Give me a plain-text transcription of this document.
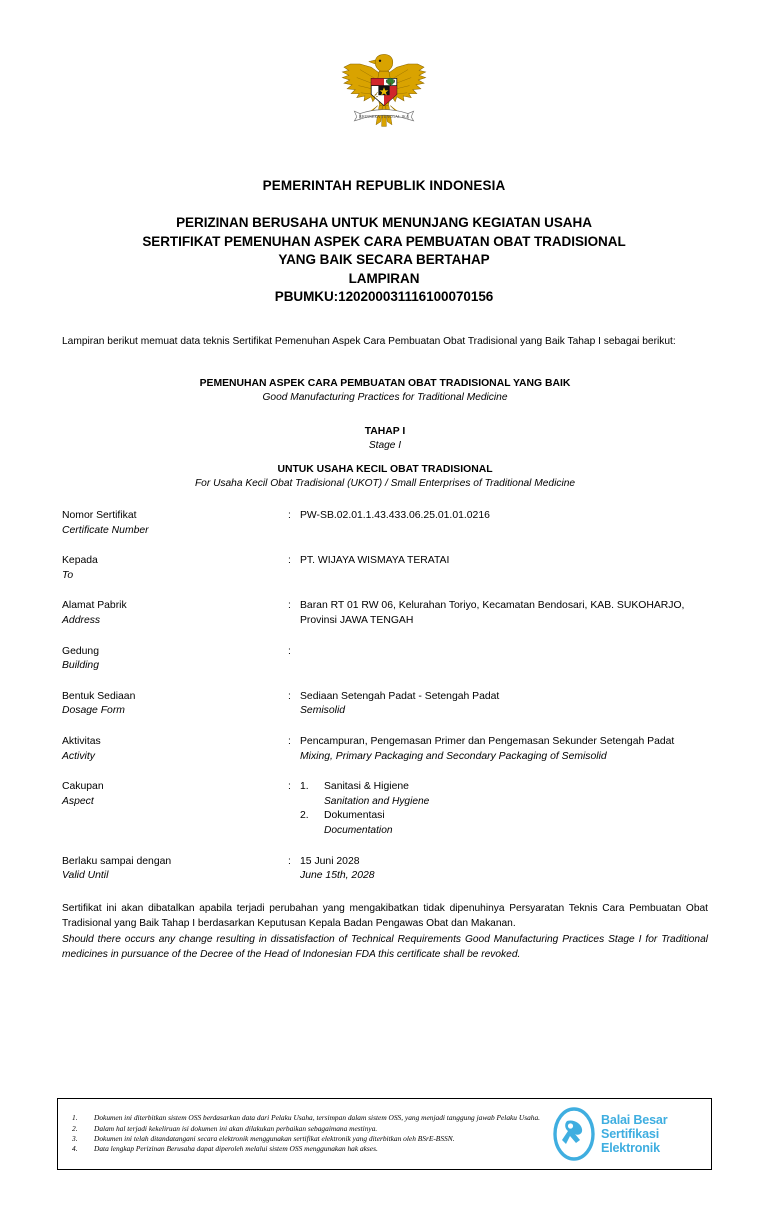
BHINNEKA TUNGGAL IKA
PEMERINTAH REPUBLIK INDONESIA
PERIZINAN BERUSAHA UNTUK MENUNJANG KEGIATAN USAHA
SERTIFIKAT PEMENUHAN ASPEK CARA PEMBUATAN OBAT TRADISIONAL
YANG BAIK SECARA BERTAHAP
LAMPIRAN
PBUMKU:120200031116100070156
Lampiran berikut memuat data teknis Sertifikat Pemenuhan Aspek Cara Pembuatan Obat Tradisional yang Baik Tahap I sebagai berikut:
PEMENUHAN ASPEK CARA PEMBUATAN OBAT TRADISIONAL YANG BAIK
Good Manufacturing Practices for Traditional Medicine
TAHAP I
Stage I
UNTUK USAHA KECIL OBAT TRADISIONAL
For Usaha Kecil Obat Tradisional (UKOT) / Small Enterprises of Traditional Medicine
Nomor Sertifikat
Certificate Number
: PW-SB.02.01.1.43.433.06.25.01.01.0216
Kepada
To
: PT. WIJAYA WISMAYA TERATAI
Alamat Pabrik
Address
: Baran RT 01 RW 06, Kelurahan Toriyo, Kecamatan Bendosari, KAB. SUKOHARJO, Provinsi JAWA TENGAH
Gedung
Building
:
Bentuk Sediaan
Dosage Form
: Sediaan Setengah Padat - Setengah Padat
Semisolid
Aktivitas
Activity
: Pencampuran, Pengemasan Primer dan Pengemasan Sekunder Setengah Padat
Mixing, Primary Packaging and Secondary Packaging of Semisolid
Cakupan
Aspect
: 1.	Sanitasi & Higiene
Sanitation and Hygiene
2.	Dokumentasi
Documentation
Berlaku sampai dengan
Valid Until
: 15 Juni 2028
June 15th, 2028
Sertifikat ini akan dibatalkan apabila terjadi perubahan yang mengakibatkan tidak dipenuhinya Persyaratan Teknis Cara Pembuatan Obat Tradisional yang Baik Tahap I berdasarkan Keputusan Kepala Badan Pengawas Obat dan Makanan.
Should there occurs any change resulting in dissatisfaction of Technical Requirements Good Manufacturing Practices Stage I for Traditional medicines in pursuance of the Decree of the Head of Indonesian FDA this certificate shall be revoked.
1. Dokumen ini diterbitkan sistem OSS berdasarkan data dari Pelaku Usaha, tersimpan dalam sistem OSS, yang menjadi tanggung jawab Pelaku Usaha.
2. Dalam hal terjadi kekeliruan isi dokumen ini akan dilakukan perbaikan sebagaimana mestinya.
3. Dokumen ini telah ditandatangani secara elektronik menggunakan sertifikat elektronik yang diterbitkan oleh BSrE-BSSN.
4. Data lengkap Perizinan Berusaha dapat diperoleh melalui sistem OSS menggunakan hak akses.
Balai Besar
Sertifikasi
Elektronik
